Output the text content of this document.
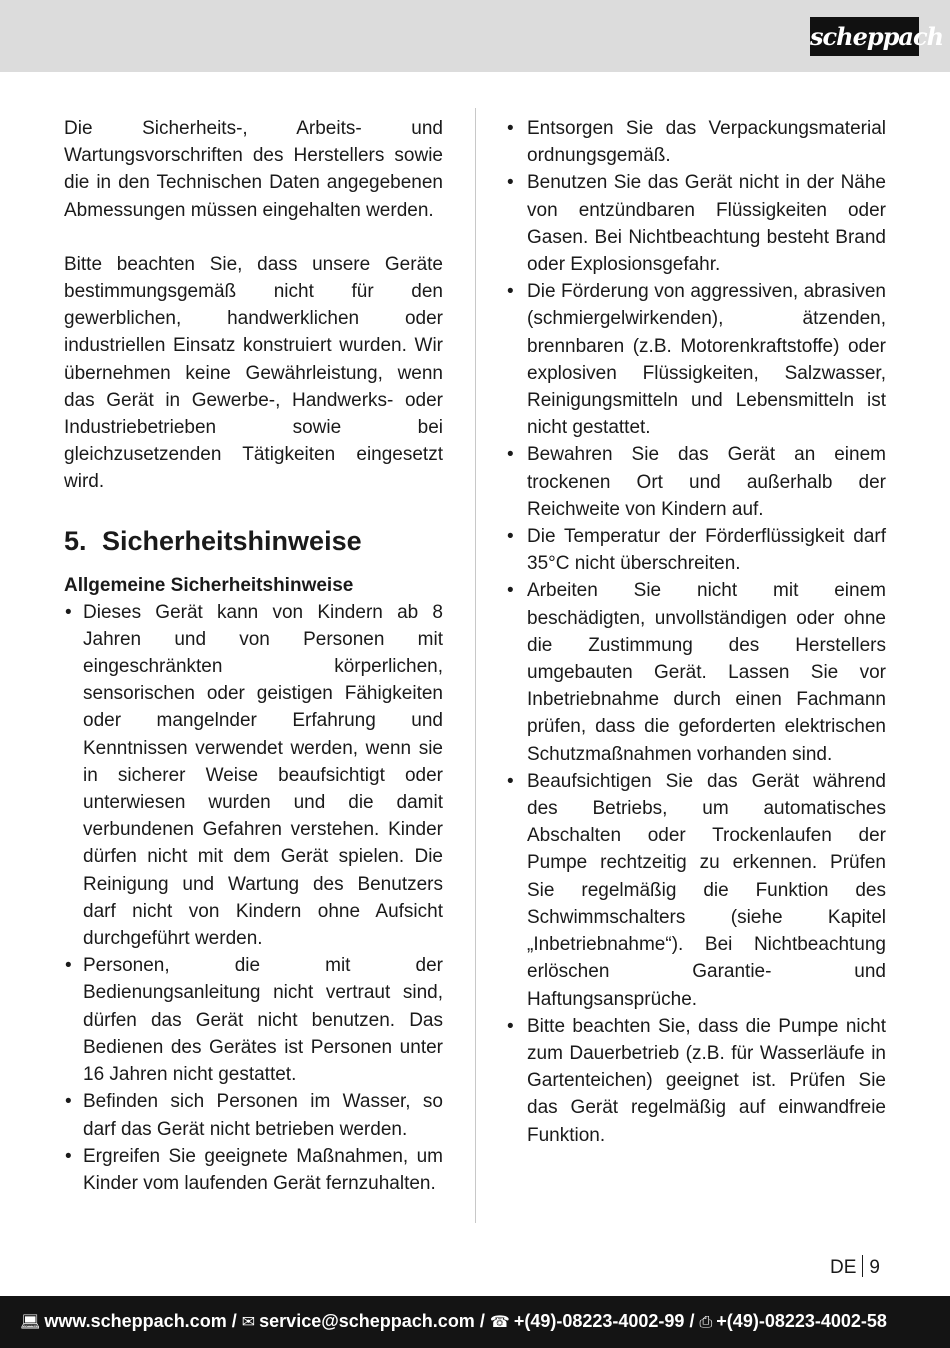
scheppach

Die Sicherheits-, Arbeits- und Wartungsvorschriften des Herstellers sowie die in den Technischen Daten angegebenen Abmessungen müssen eingehalten werden.

Bitte beachten Sie, dass unsere Geräte bestimmungsgemäß nicht für den gewerblichen, handwerklichen oder industriellen Einsatz konstruiert wurden. Wir übernehmen keine Gewährleistung, wenn das Gerät in Gewerbe-, Handwerks- oder Industriebetrieben sowie bei gleichzusetzenden Tätigkeiten eingesetzt wird.

5. Sicherheitshinweise
Allgemeine Sicherheitshinweise
• Dieses Gerät kann von Kindern ab 8 Jahren und von Personen mit eingeschränkten körperlichen, sensorischen oder geistigen Fähigkeiten oder mangelnder Erfahrung und Kenntnissen verwendet werden, wenn sie in sicherer Weise beaufsichtigt oder unterwiesen wurden und die damit verbundenen Gefahren verstehen. Kinder dürfen nicht mit dem Gerät spielen. Die Reinigung und Wartung des Benutzers darf nicht von Kindern ohne Aufsicht durchgeführt werden.
• Personen, die mit der Bedienungsanleitung nicht vertraut sind, dürfen das Gerät nicht benutzen. Das Bedienen des Gerätes ist Personen unter 16 Jahren nicht gestattet.
• Befinden sich Personen im Wasser, so darf das Gerät nicht betrieben werden.
• Ergreifen Sie geeignete Maßnahmen, um Kinder vom laufenden Gerät fernzuhalten.
• Entsorgen Sie das Verpackungsmaterial ordnungsgemäß.
• Benutzen Sie das Gerät nicht in der Nähe von entzündbaren Flüssigkeiten oder Gasen. Bei Nichtbeachtung besteht Brand oder Explosionsgefahr.
• Die Förderung von aggressiven, abrasiven (schmiergelwirkenden), ätzenden, brennbaren (z.B. Motorenkraftstoffe) oder explosiven Flüssigkeiten, Salzwasser, Reinigungsmitteln und Lebensmitteln ist nicht gestattet.
• Bewahren Sie das Gerät an einem trockenen Ort und außerhalb der Reichweite von Kindern auf.
• Die Temperatur der Förderflüssigkeit darf 35°C nicht überschreiten.
• Arbeiten Sie nicht mit einem beschädigten, unvollständigen oder ohne die Zustimmung des Herstellers umgebauten Gerät. Lassen Sie vor Inbetriebnahme durch einen Fachmann prüfen, dass die geforderten elektrischen Schutzmaßnahmen vorhanden sind.
• Beaufsichtigen Sie das Gerät während des Betriebs, um automatisches Abschalten oder Trockenlaufen der Pumpe rechtzeitig zu erkennen. Prüfen Sie regelmäßig die Funktion des Schwimmschalters (siehe Kapitel „Inbetriebnahme“). Bei Nichtbeachtung erlöschen Garantie- und Haftungsansprüche.
• Bitte beachten Sie, dass die Pumpe nicht zum Dauerbetrieb (z.B. für Wasserläufe in Gartenteichen) geeignet ist. Prüfen Sie das Gerät regelmäßig auf einwandfreie Funktion.
DE 9
💻︎ www.scheppach.com / ✉︎ service@scheppach.com / ☎︎ +(49)-08223-4002-99 / ⎙ +(49)-08223-4002-58
